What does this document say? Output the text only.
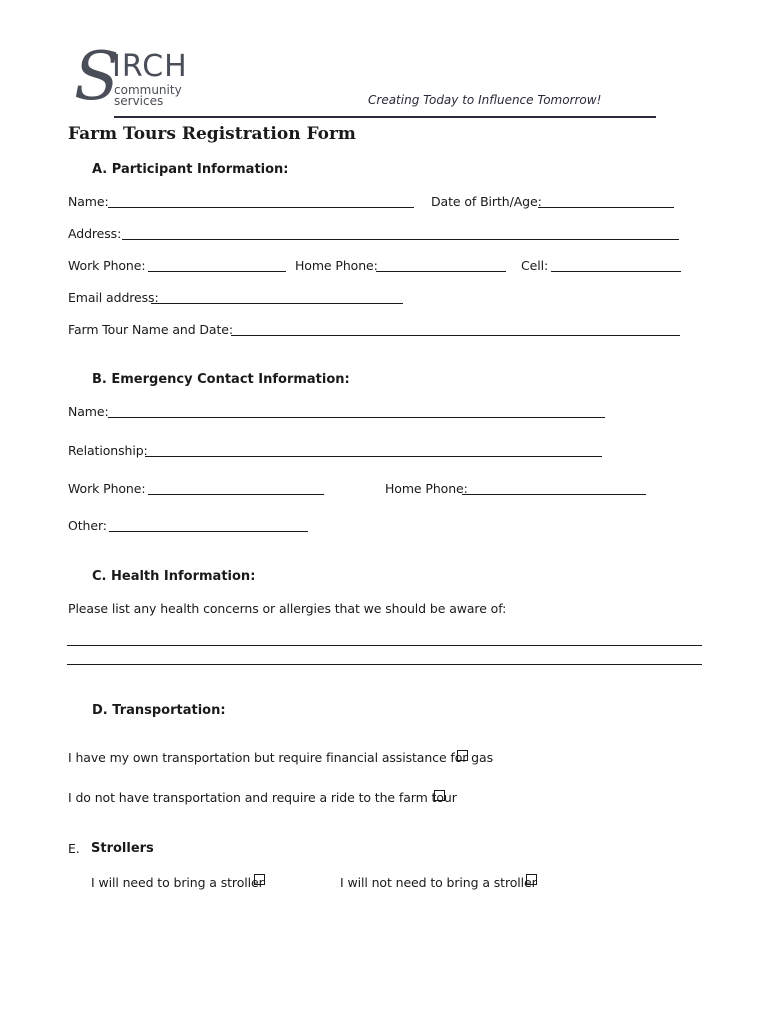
S
IRCH
community
services	Creating Today to Influence Tomorrow!
Farm Tours Registration Form
A. Participant Information:
Name:	Date of Birth/Age:
Address:
Work Phone:	Home Phone:	Cell:
Email address:
Farm Tour Name and Date:
B. Emergency Contact Information:
Name:
Relationship:
Work Phone:	Home Phone:
Other:
C. Health Information:
Please list any health concerns or allergies that we should be aware of:
D. Transportation:
I have my own transportation but require financial assistance for gas
I do not have transportation and require a ride to the farm tour
E. Strollers
I will need to bring a stroller	I will not need to bring a stroller
